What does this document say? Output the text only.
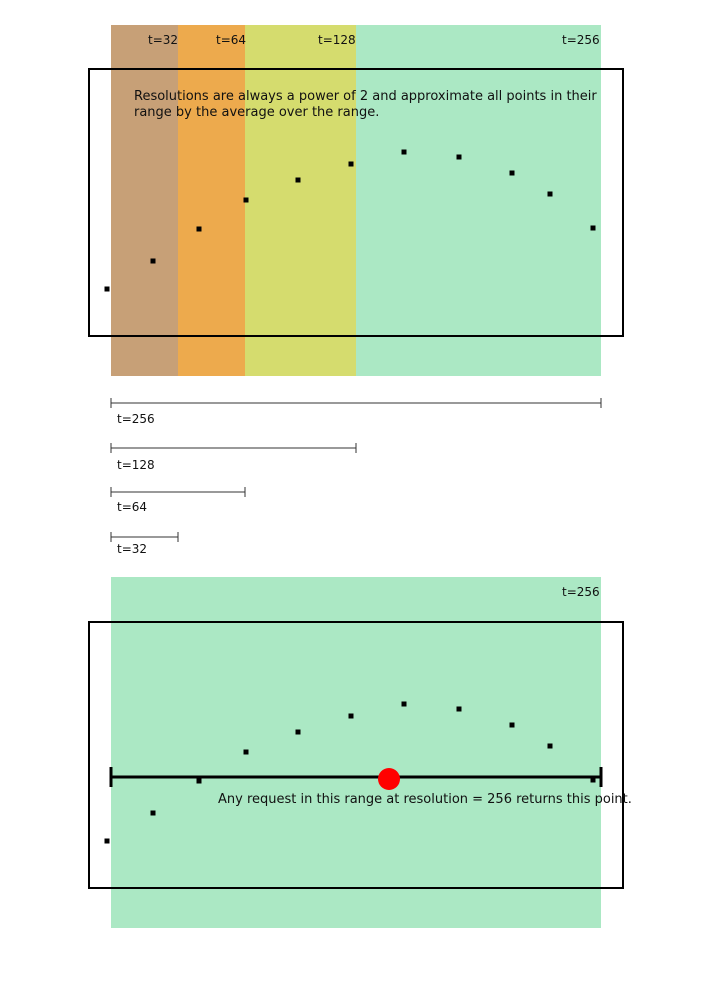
t=32	t=64	t=128	t=256
Resolutions are always a power of 2 and approximate all points in their
range by the average over the range.
t=256
t=128
t=64
t=32
t=256
Any request in this range at resolution = 256 returns this point.
